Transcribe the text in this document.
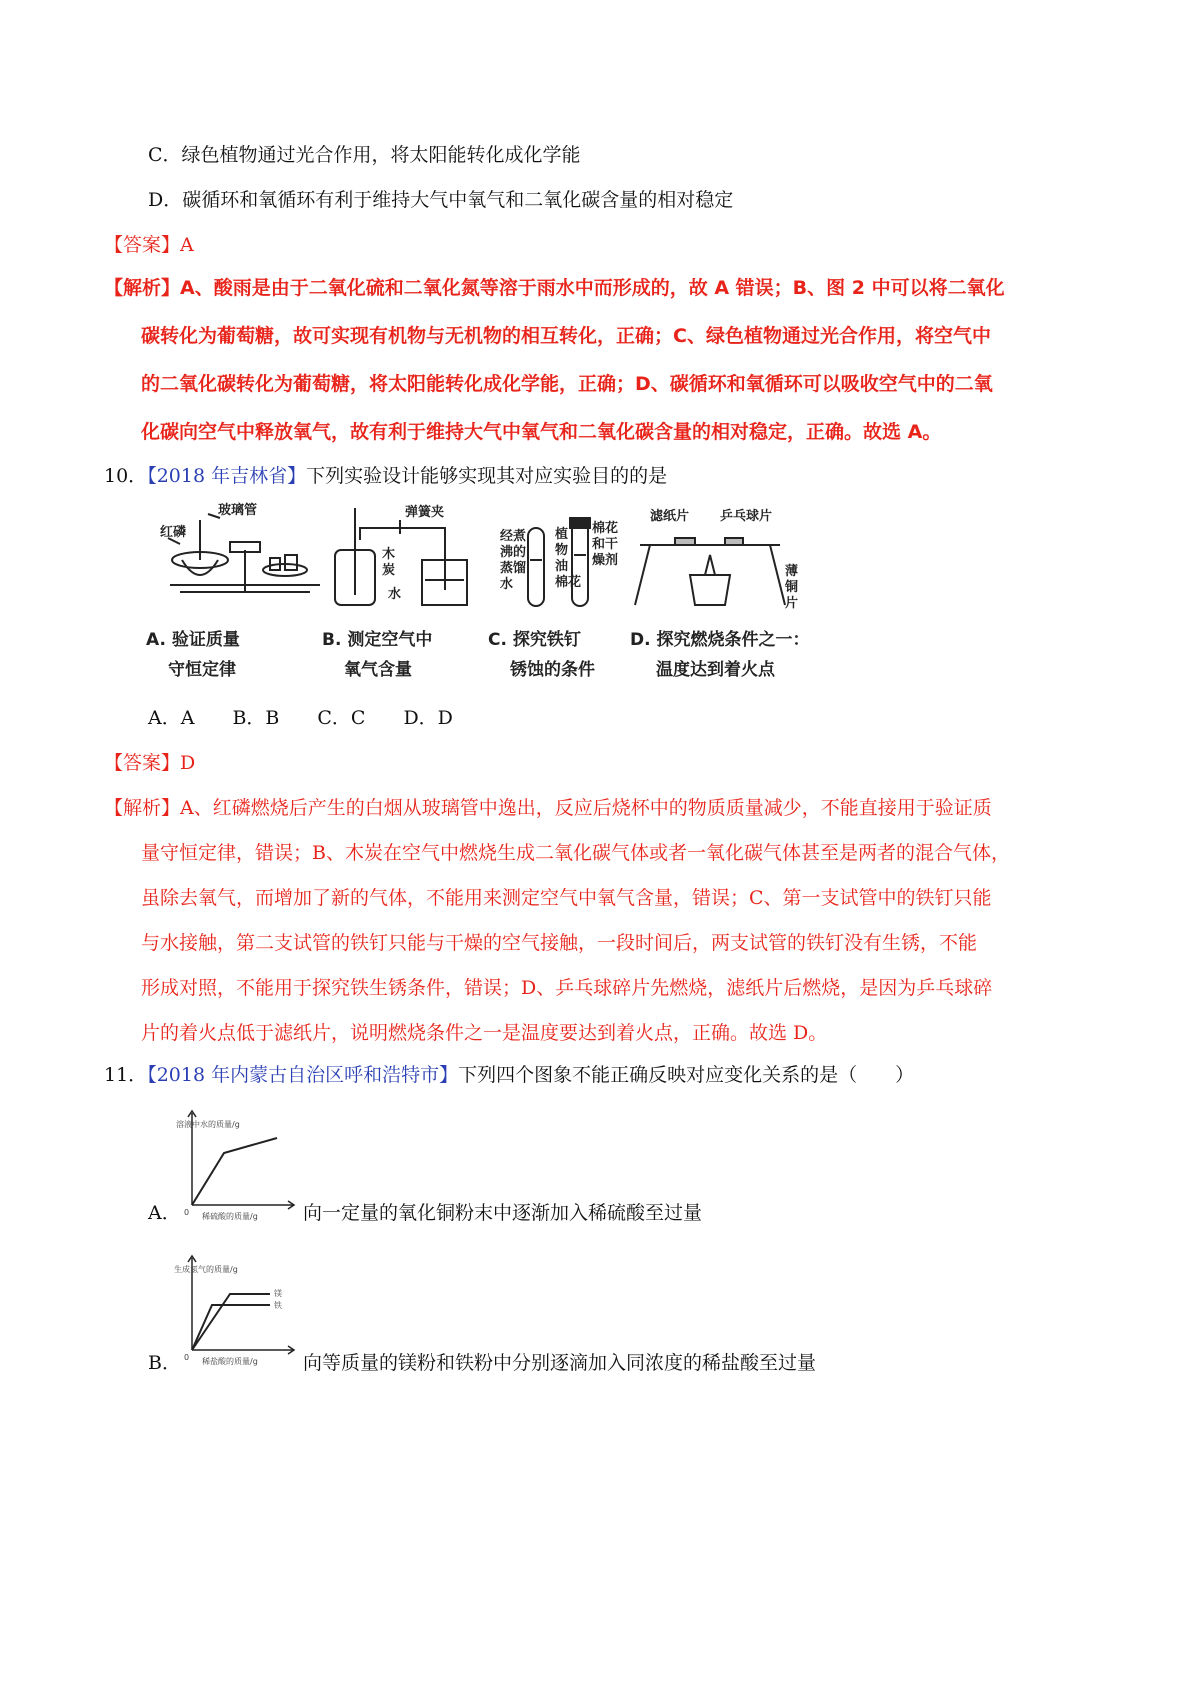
C．绿色植物通过光合作用，将太阳能转化成化学能
D．碳循环和氧循环有利于维持大气中氧气和二氧化碳含量的相对稳定
【答案】A
【解析】A、酸雨是由于二氧化硫和二氧化氮等溶于雨水中而形成的，故 A 错误；B、图 2 中可以将二氧化
碳转化为葡萄糖，故可实现有机物与无机物的相互转化，正确；C、绿色植物通过光合作用，将空气中
的二氧化碳转化为葡萄糖，将太阳能转化成化学能，正确；D、碳循环和氧循环可以吸收空气中的二氧
化碳向空气中释放氧气，故有利于维持大气中氧气和二氧化碳含量的相对稳定，正确。故选 A。
10．【2018 年吉林省】下列实验设计能够实现其对应实验目的的是
玻璃管
红磷
弹簧夹
木
炭
水
经煮
沸的
蒸馏
水
植
物
油
棉花
棉花
和干
燥剂
滤纸片 乒乓球片
薄
铜
片
A. 验证质量
守恒定律
B. 测定空气中
氧气含量
C. 探究铁钉
锈蚀的条件
D. 探究燃烧条件之一：
温度达到着火点
A．A　　B．B　　C．C　　D．D
【答案】D
【解析】A、红磷燃烧后产生的白烟从玻璃管中逸出，反应后烧杯中的物质质量减少，不能直接用于验证质
量守恒定律，错误；B、木炭在空气中燃烧生成二氧化碳气体或者一氧化碳气体甚至是两者的混合气体，
虽除去氧气，而增加了新的气体，不能用来测定空气中氧气含量，错误；C、第一支试管中的铁钉只能
与水接触，第二支试管的铁钉只能与干燥的空气接触，一段时间后，两支试管的铁钉没有生锈，不能
形成对照，不能用于探究铁生锈条件，错误；D、乒乓球碎片先燃烧，滤纸片后燃烧，是因为乒乓球碎
片的着火点低于滤纸片，说明燃烧条件之一是温度要达到着火点，正确。故选 D。
11．【2018 年内蒙古自治区呼和浩特市】下列四个图象不能正确反映对应变化关系的是（　　）
溶液中水的质量/g
稀硫酸的质量/g
0
A．	向一定量的氧化铜粉末中逐渐加入稀硫酸至过量
生成氢气的质量/g
稀盐酸的质量/g
0
镁
铁
B．	向等质量的镁粉和铁粉中分别逐滴加入同浓度的稀盐酸至过量
